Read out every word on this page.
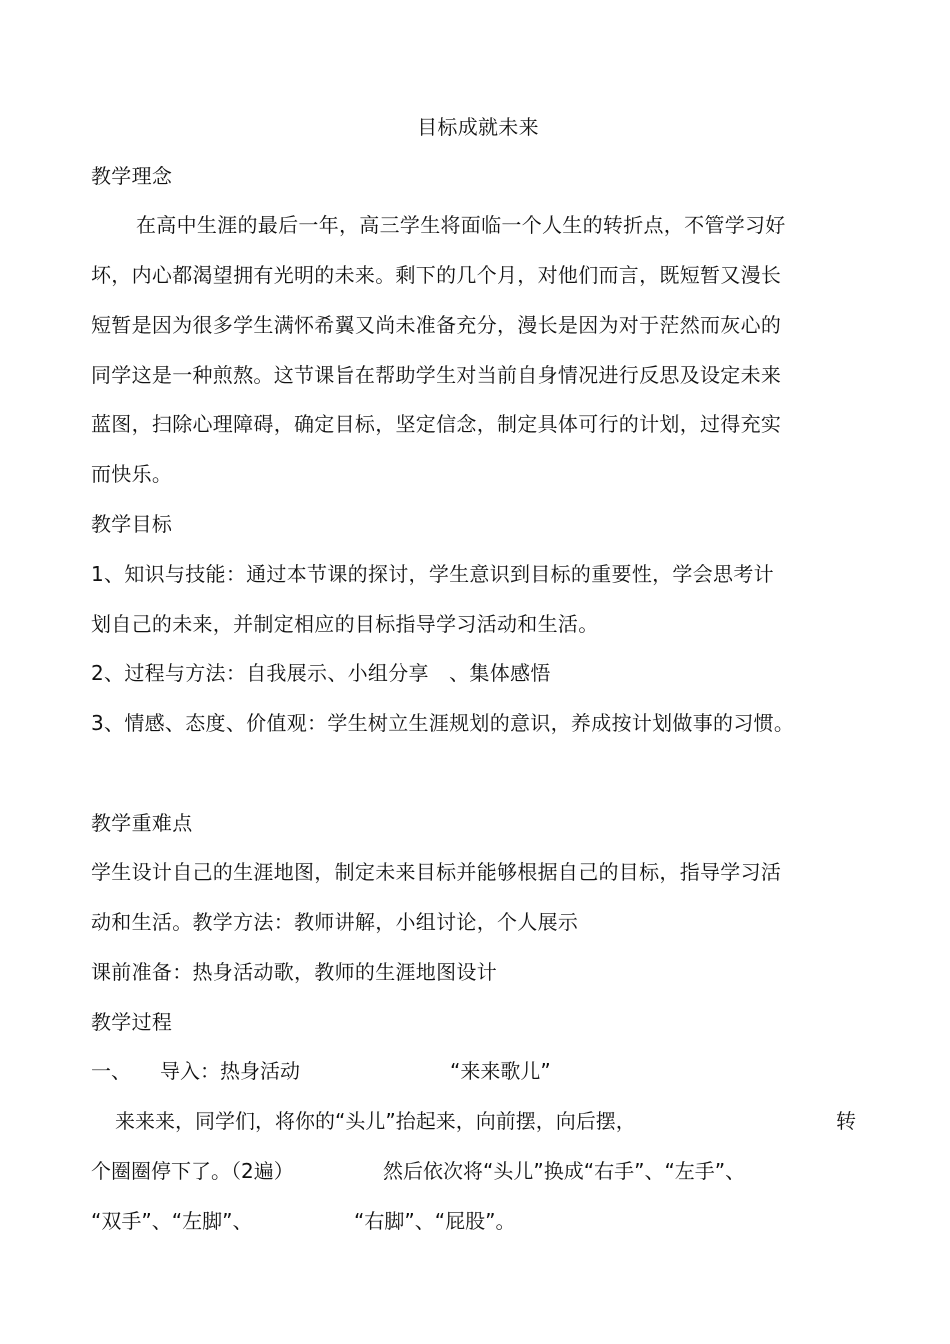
目标成就未来
教学理念
在高中生涯的最后一年，高三学生将面临一个人生的转折点，不管学习好
坏，内心都渴望拥有光明的未来。剩下的几个月，对他们而言，既短暂又漫长
短暂是因为很多学生满怀希翼又尚未准备充分，漫长是因为对于茫然而灰心的
同学这是一种煎熬。这节课旨在帮助学生对当前自身情况进行反思及设定未来
蓝图，扫除心理障碍，确定目标，坚定信念，制定具体可行的计划，过得充实
而快乐。
教学目标
1、知识与技能：通过本节课的探讨，学生意识到目标的重要性，学会思考计
划自己的未来，并制定相应的目标指导学习活动和生活。
2、过程与方法：自我展示、小组分享　、集体感悟
3、情感、态度、价值观：学生树立生涯规划的意识，养成按计划做事的习惯。
教学重难点
学生设计自己的生涯地图，制定未来目标并能够根据自己的目标，指导学习活
动和生活。教学方法：教师讲解，小组讨论，个人展示
课前准备：热身活动歌，教师的生涯地图设计
教学过程
一、 导入：热身活动	“来来歌儿”
来来来，同学们，将你的“头儿”抬起来，向前摆，向后摆，	转
个圈圈停下了。（2遍）	然后依次将“头儿”换成“右手”、“左手”、
“双手”、“左脚”、	“右脚”、“屁股”。
